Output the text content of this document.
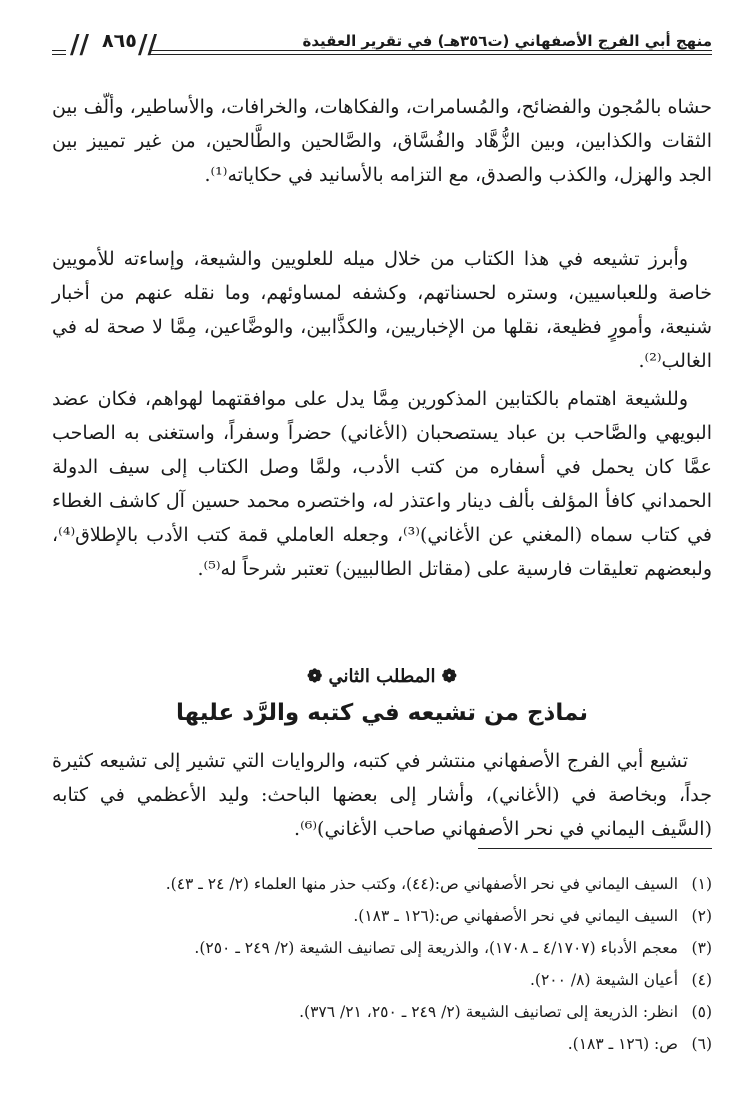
// //
٨٦٥	منهج أبي الفرج الأصفهاني (ت٣٥٦هـ) في تقرير العقيدة

حشاه بالمُجون والفضائح، والمُسامرات، والفكاهات، والخرافات، والأساطير، وألّف بين الثقات والكذابين، وبين الزُّهَّاد والفُسَّاق، والصَّالحين والطَّالحين، من غير تمييز بين الجد والهزل، والكذب والصدق، مع التزامه بالأسانيد في حكاياته⁽¹⁾.

وأبرز تشيعه في هذا الكتاب من خلال ميله للعلويين والشيعة، وإساءته للأمويين خاصة وللعباسيين، وستره لحسناتهم، وكشفه لمساوئهم، وما نقله عنهم من أخبار شنيعة، وأمورٍ فظيعة، نقلها من الإخباريين، والكذَّابين، والوضَّاعين، مِمَّا لا صحة له في الغالب⁽²⁾.

وللشيعة اهتمام بالكتابين المذكورين مِمَّا يدل على موافقتهما لهواهم، فكان عضد البويهي والصَّاحب بن عباد يستصحبان (الأغاني) حضراً وسفراً، واستغنى به الصاحب عمَّا كان يحمل في أسفاره من كتب الأدب، ولمَّا وصل الكتاب إلى سيف الدولة الحمداني كافأ المؤلف بألف دينار واعتذر له، واختصره محمد حسين آل كاشف الغطاء في كتاب سماه (المغني عن الأغاني)⁽³⁾، وجعله العاملي قمة كتب الأدب بالإطلاق⁽⁴⁾، ولبعضهم تعليقات فارسية على (مقاتل الطالبيين) تعتبر شرحاً له⁽⁵⁾.

❁ المطلب الثاني ❁
نماذج من تشيعه في كتبه والرَّد عليها

تشيع أبي الفرج الأصفهاني منتشر في كتبه، والروايات التي تشير إلى تشيعه كثيرة جداً، وبخاصة في (الأغاني)، وأشار إلى بعضها الباحث: وليد الأعظمي في كتابه (السَّيف اليماني في نحر الأصفهاني صاحب الأغاني)⁽⁶⁾.

(١)السيف اليماني في نحر الأصفهاني ص:(٤٤)، وكتب حذر منها العلماء (٢/ ٢٤ ـ ٤٣).
(٢)السيف اليماني في نحر الأصفهاني ص:(١٢٦ ـ ١٨٣).
(٣)معجم الأدباء (٤/١٧٠٧ ـ ١٧٠٨)، والذريعة إلى تصانيف الشيعة (٢/ ٢٤٩ ـ ٢٥٠).
(٤)أعيان الشيعة (٨/ ٢٠٠).
(٥)انظر: الذريعة إلى تصانيف الشيعة (٢/ ٢٤٩ ـ ٢٥٠، ٢١/ ٣٧٦).
(٦)ص: (١٢٦ ـ ١٨٣).
